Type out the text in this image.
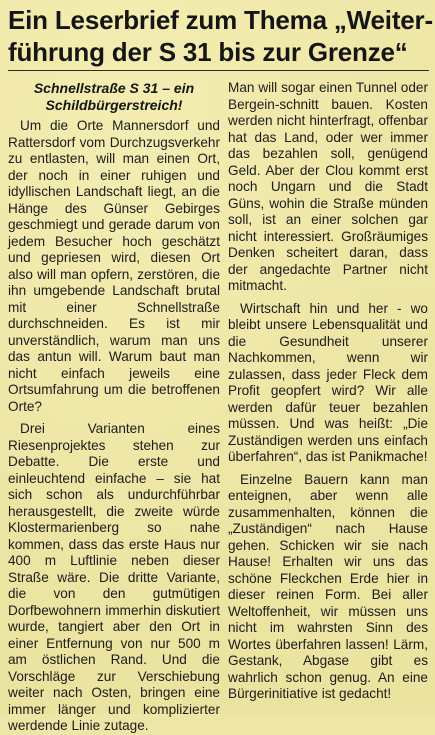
Ein Leserbrief zum Thema „Weiter-
führung der S 31 bis zur Grenze“
Schnellstraße S 31 – ein Schildbürgerstreich!

Um die Orte Mannersdorf und Rattersdorf vom Durchzugsverkehr zu entlasten, will man einen Ort, der noch in einer ruhigen und idyllischen Landschaft liegt, an die Hänge des Günser Gebirges geschmiegt und gerade darum von jedem Besucher hoch geschätzt und gepriesen wird, diesen Ort also will man opfern, zerstören, die ihn umgebende Landschaft brutal mit einer Schnellstraße durchschneiden. Es ist mir unverständlich, warum man uns das antun will. Warum baut man nicht einfach jeweils eine Ortsumfahrung um die betroffenen Orte?

Drei Varianten eines Riesenprojektes stehen zur Debatte. Die erste und einleuchtend einfache – sie hat sich schon als undurchführbar herausgestellt, die zweite würde Klostermarienberg so nahe kommen, dass das erste Haus nur 400 m Luftlinie neben dieser Straße wäre. Die dritte Variante, die von den gutmütigen Dorfbewohnern immerhin diskutiert wurde, tangiert aber den Ort in einer Entfernung von nur 500 m am östlichen Rand. Und die Vorschläge zur Verschiebung weiter nach Osten, bringen eine immer länger und komplizierter werdende Linie zutage.

Man will sogar einen Tunnel oder Bergein-schnitt bauen. Kosten werden nicht hinterfragt, offenbar hat das Land, oder wer immer das bezahlen soll, genügend Geld. Aber der Clou kommt erst noch Ungarn und die Stadt Güns, wohin die Straße münden soll, ist an einer solchen gar nicht interessiert. Großräumiges Denken scheitert daran, dass der angedachte Partner nicht mitmacht.

Wirtschaft hin und her - wo bleibt unsere Lebensqualität und die Gesundheit unserer Nachkommen, wenn wir zulassen, dass jeder Fleck dem Profit geopfert wird? Wir alle werden dafür teuer bezahlen müssen. Und was heißt: „Die Zuständigen werden uns einfach überfahren“, das ist Panikmache!

Einzelne Bauern kann man enteignen, aber wenn alle zusammenhalten, können die „Zuständigen“ nach Hause gehen. Schicken wir sie nach Hause! Erhalten wir uns das schöne Fleckchen Erde hier in dieser reinen Form. Bei aller Weltoffenheit, wir müssen uns nicht im wahrsten Sinn des Wortes überfahren lassen! Lärm, Gestank, Abgase gibt es wahrlich schon genug. An eine Bürgerinitiative ist gedacht!
